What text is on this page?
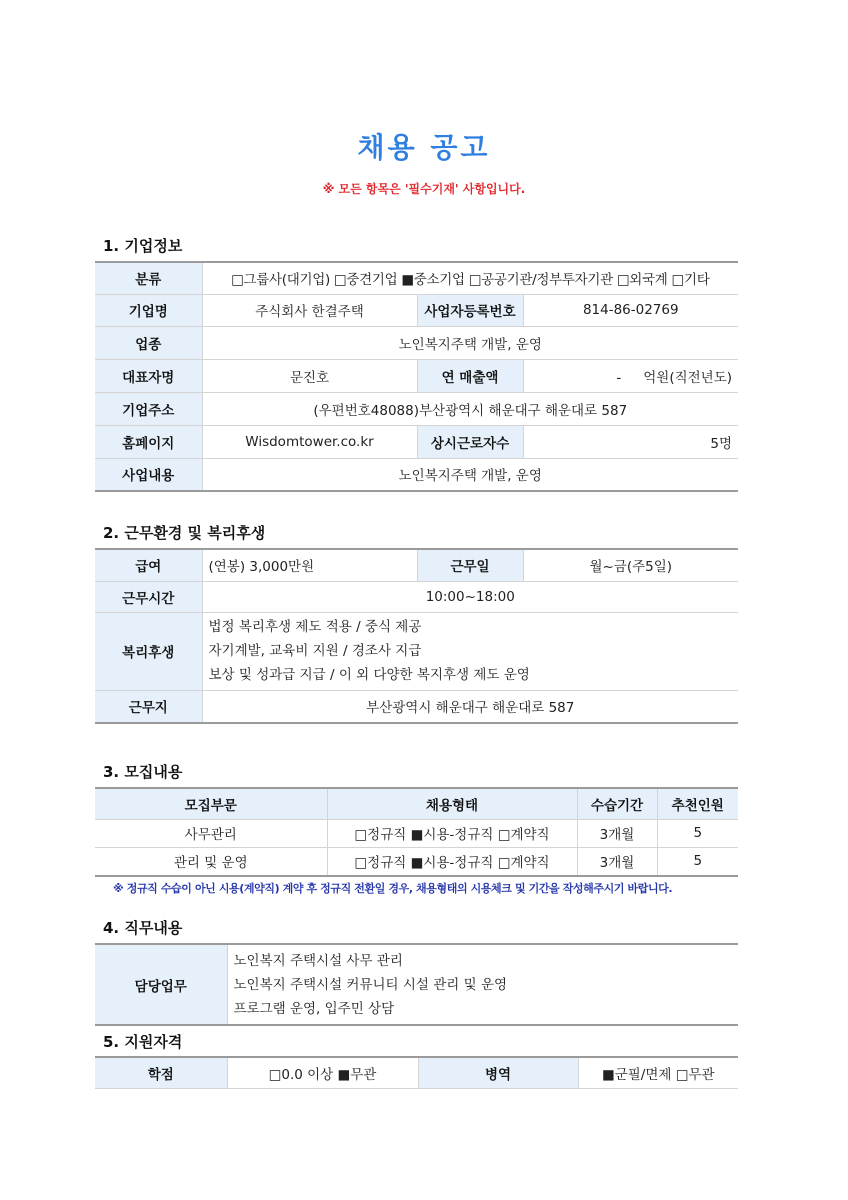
채용 공고
※ 모든 항목은 '필수기재' 사항입니다.
1. 기업정보
분류	□그룹사(대기업) □중견기업 ■중소기업 □공공기관/정부투자기관 □외국계 □기타		
기업명	주식회사 한결주택	사업자등록번호	814-86-02769
업종	노인복지주택 개발, 운영		
대표자명	문진호	연 매출액	- 억원(직전년도)
기업주소	(우편번호48088)부산광역시 해운대구 해운대로 587		
홈페이지	Wisdomtower.co.kr	상시근로자수	5명
사업내용	노인복지주택 개발, 운영		
2. 근무환경 및 복리후생
급여	(연봉) 3,000만원	근무일	월~금(주5일)
근무시간	10:00~18:00		
복리후생	법정 복리후생 제도 적용 / 중식 제공
자기계발, 교육비 지원 / 경조사 지급
보상 및 성과급 지급 / 이 외 다양한 복지후생 제도 운영		

근무지	부산광역시 해운대구 해운대로 587		
3. 모집내용
모집부문	채용형태	수습기간	추천인원
사무관리	□정규직 ■시용-정규직 □계약직	3개월	5
관리 및 운영	□정규직 ■시용-정규직 □계약직	3개월	5
※ 정규직 수습이 아닌 시용(계약직) 계약 후 정규직 전환일 경우, 채용형태의 시용체크 및 기간을 작성해주시기 바랍니다.
4. 직무내용
담당업무	
노인복지 주택시설 사무 관리
노인복지 주택시설 커뮤니티 시설 관리 및 운영
프로그램 운영, 입주민 상담
5. 지원자격
학점	□0.0 이상 ■무관	병역	■군필/면제 □무관
